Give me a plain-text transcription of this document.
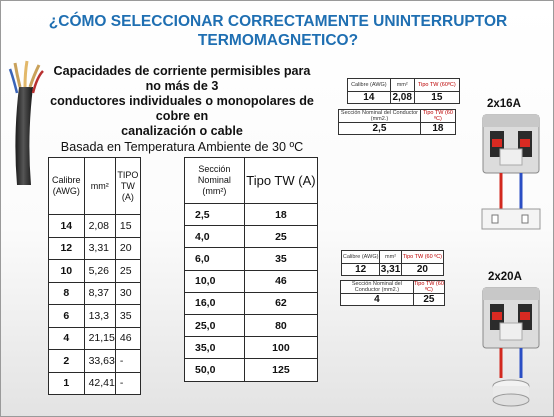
¿CÓMO SELECCIONAR CORRECTAMENTE UNINTERRUPTOR TERMOMAGNETICO?
Capacidades de corriente permisibles para no más de 3
conductores individuales o monopolares de cobre en
canalización o cable
Basada en Temperatura Ambiente de 30 ºC
Calibre (AWG)	mm²	TIPO TW (A)
14	2,08	15
12	3,31	20
10	5,26	25
8	8,37	30
6	13,3	35
4	21,15	46
2	33,63	-
1	42,41	-
Sección Nominal (mm²)	Tipo TW (A)
2,5	18
4,0	25
6,0	35
10,0	46
16,0	62
25,0	80
35,0	100
50,0	125
Calibre (AWG)	mm²	Tipo TW (60ºC)
14	2,08	15
Sección Nominal del Conductor (mm2.)	Tipo TW (60 ºC)
2,5	18
2x16A
Calibre (AWG)	mm²	Tipo TW (60 ºC)
12	3,31	20
Sección Nominal del Conductor (mm2.)	Tipo TW (60 ºC)
4	25
2x20A
